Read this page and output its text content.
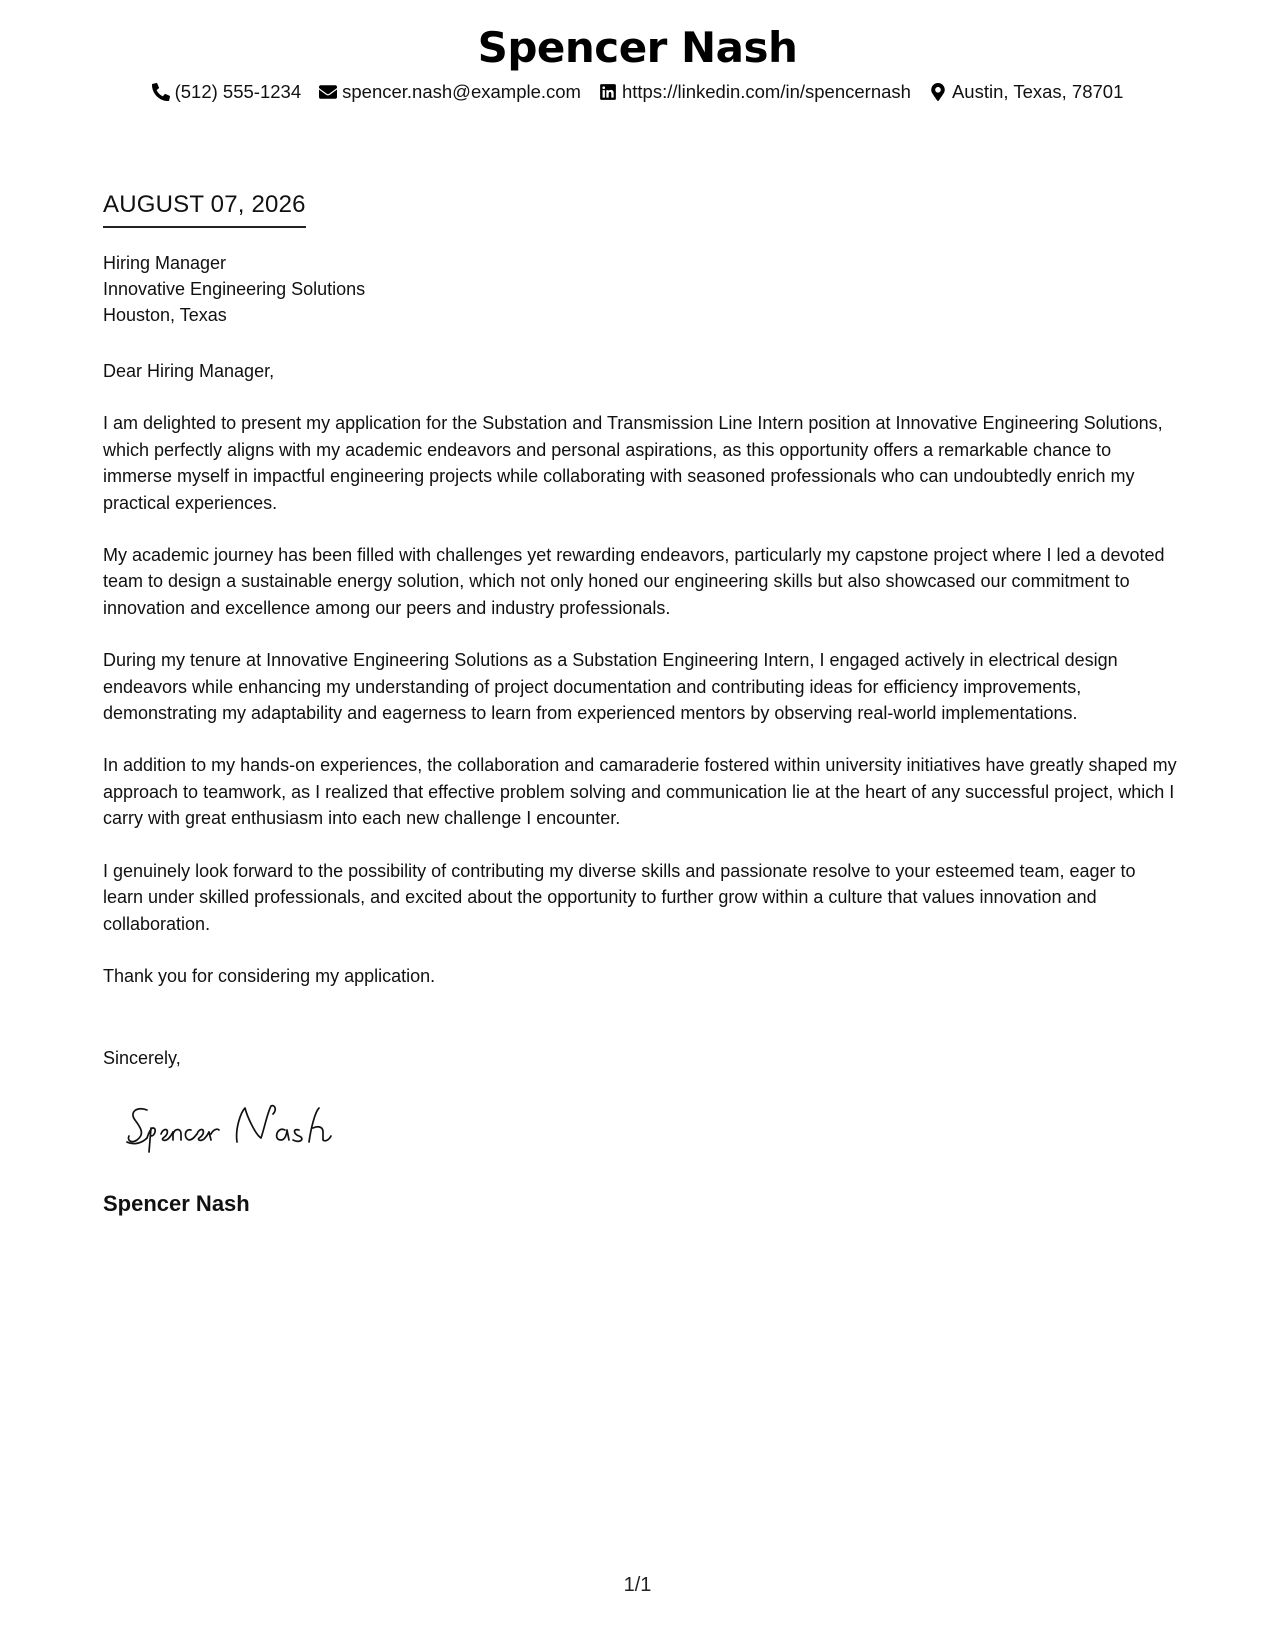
Spencer Nash
(512) 555-1234 spencer.nash@example.com https://linkedin.com/in/spencernash Austin, Texas, 78701
AUGUST 07, 2026
Hiring Manager
Innovative Engineering Solutions
Houston, Texas

Dear Hiring Manager,

I am delighted to present my application for the Substation and Transmission Line Intern position at Innovative Engineering Solutions, which perfectly aligns with my academic endeavors and personal aspirations, as this opportunity offers a remarkable chance to immerse myself in impactful engineering projects while collaborating with seasoned professionals who can undoubtedly enrich my practical experiences.

My academic journey has been filled with challenges yet rewarding endeavors, particularly my capstone project where I led a devoted team to design a sustainable energy solution, which not only honed our engineering skills but also showcased our commitment to innovation and excellence among our peers and industry professionals.

During my tenure at Innovative Engineering Solutions as a Substation Engineering Intern, I engaged actively in electrical design endeavors while enhancing my understanding of project documentation and contributing ideas for efficiency improvements, demonstrating my adaptability and eagerness to learn from experienced mentors by observing real-world implementations.

In addition to my hands-on experiences, the collaboration and camaraderie fostered within university initiatives have greatly shaped my approach to teamwork, as I realized that effective problem solving and communication lie at the heart of any successful project, which I carry with great enthusiasm into each new challenge I encounter.

I genuinely look forward to the possibility of contributing my diverse skills and passionate resolve to your esteemed team, eager to learn under skilled professionals, and excited about the opportunity to further grow within a culture that values innovation and collaboration.

Thank you for considering my application.

Sincerely,
Spencer Nash
1/1
